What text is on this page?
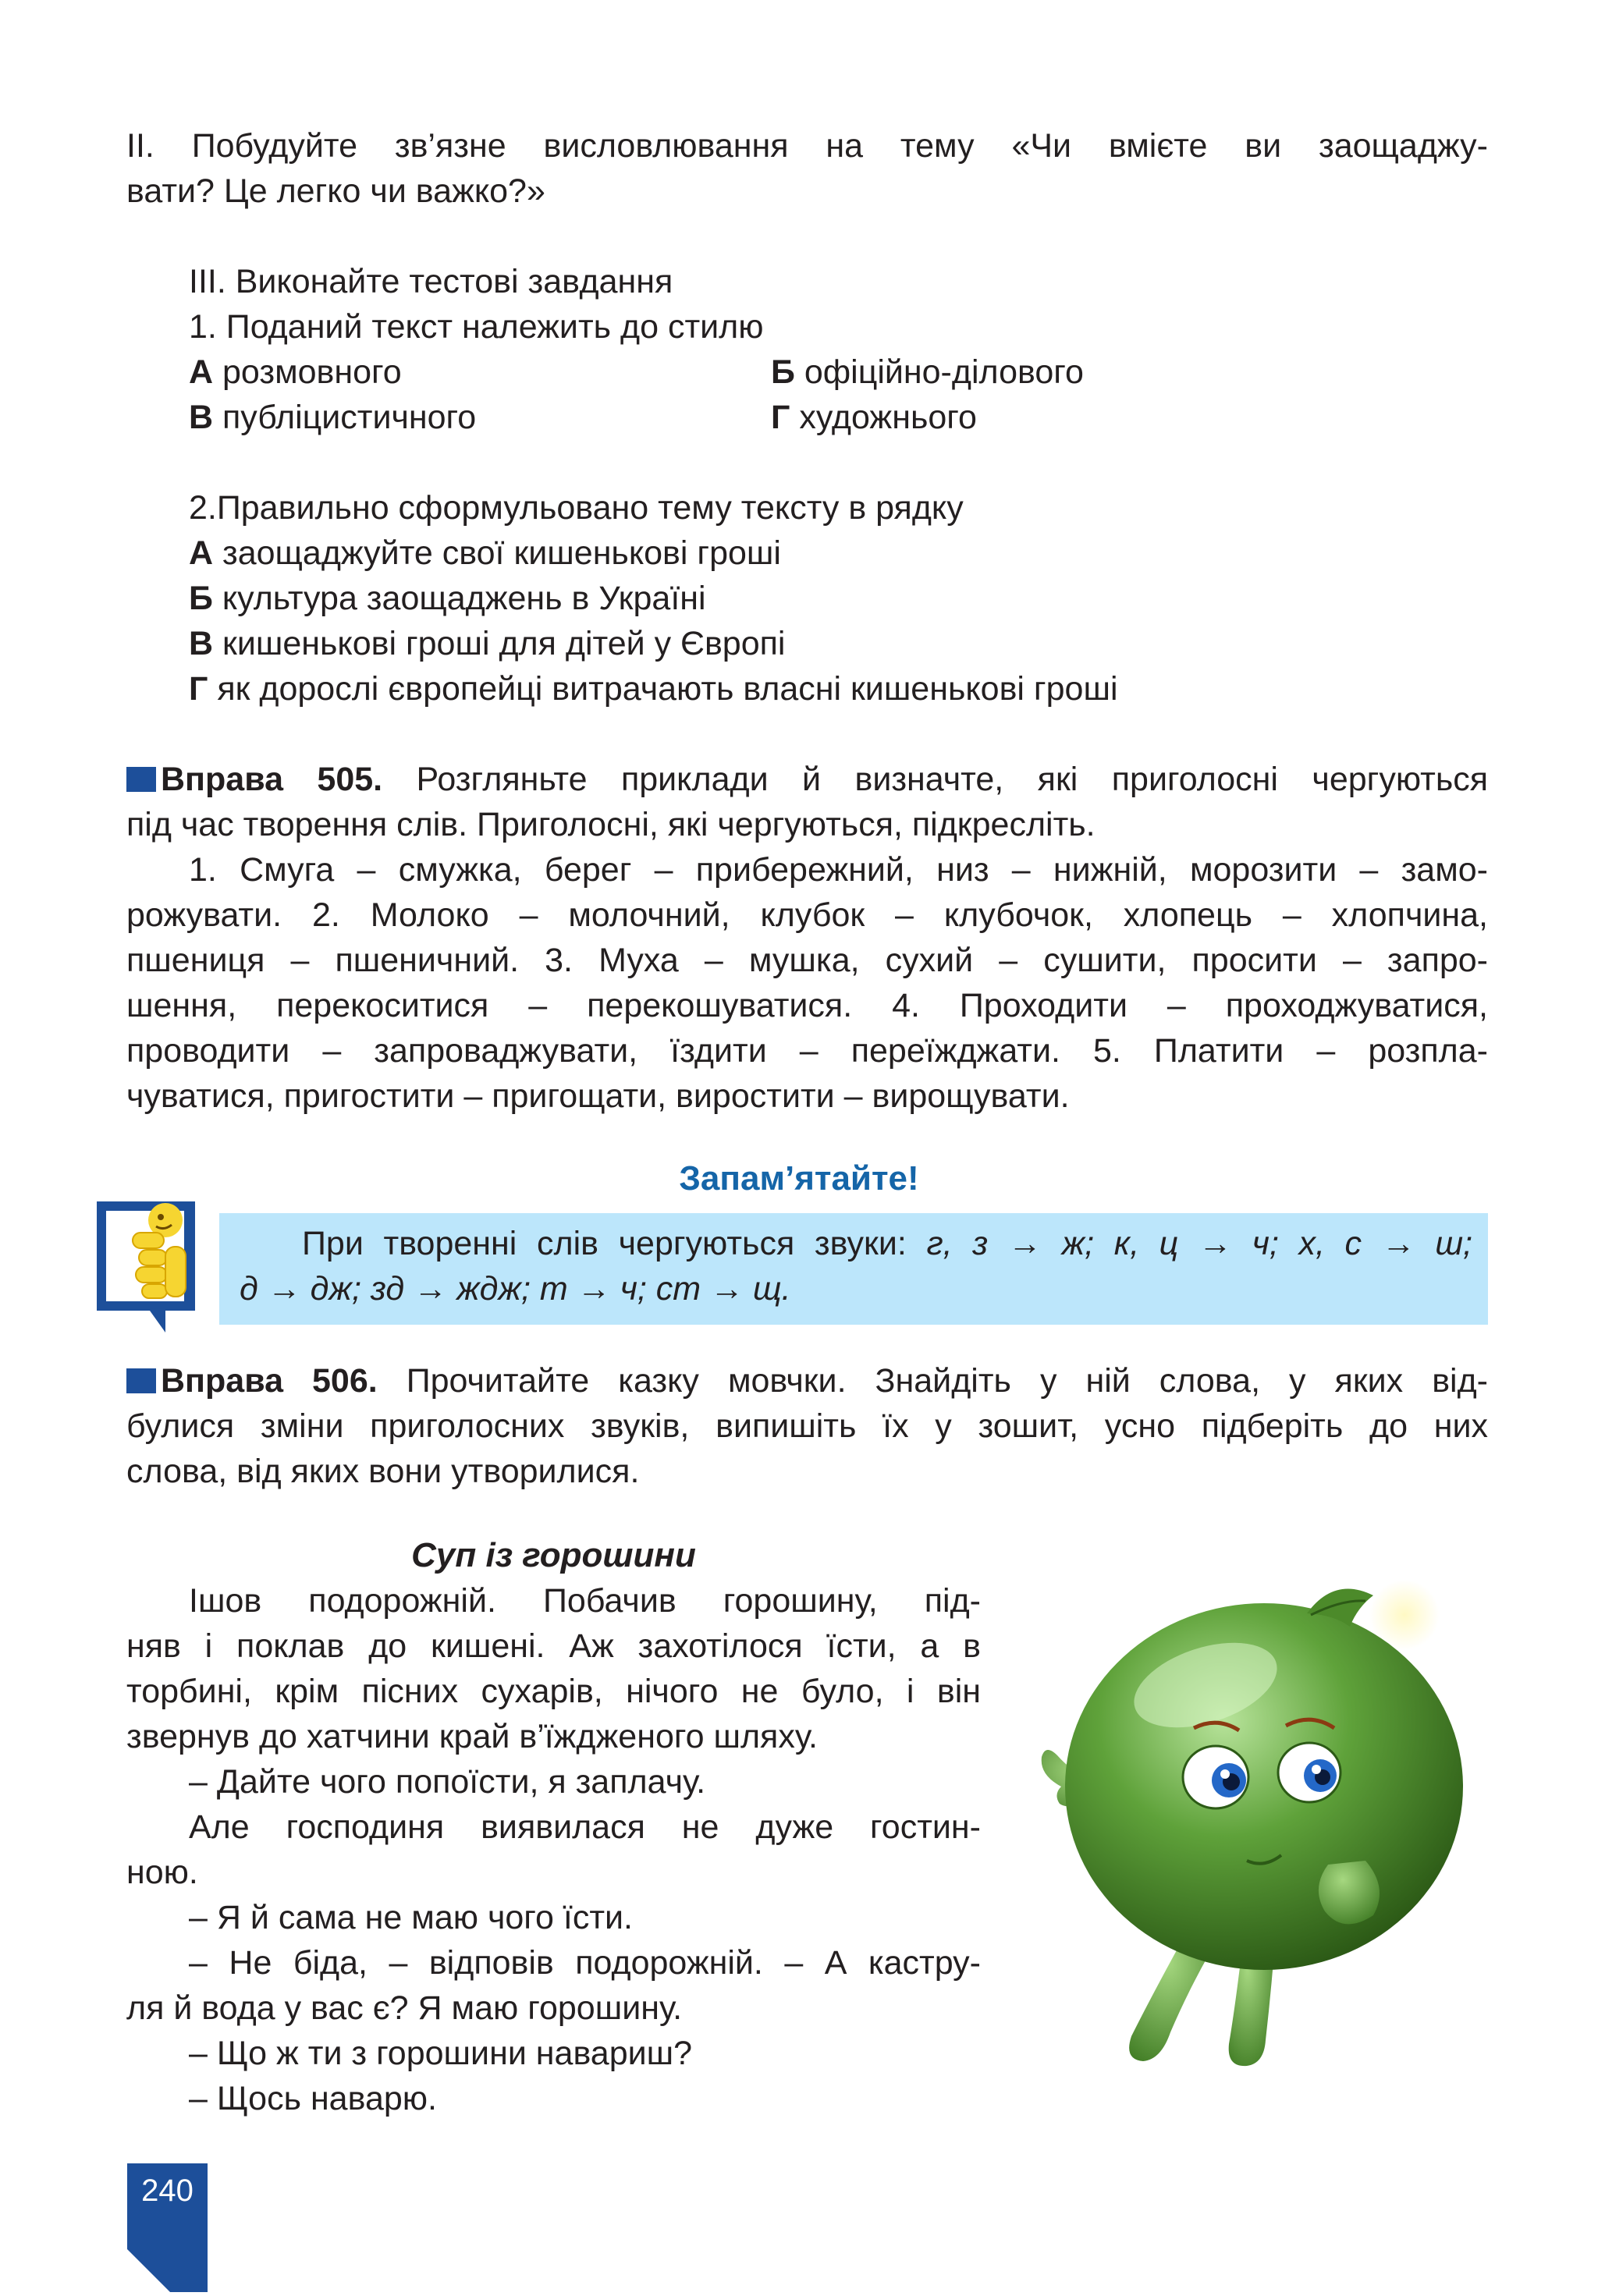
II. Побудуйте зв’язне висловлювання на тему «Чи вмієте ви заощаджу-
вати? Це легко чи важко?»
III. Виконайте тестові завдання
1. Поданий текст належить до стилю
А розмовного	Б офіційно-ділового
В публіцистичного	Г художнього
2.Правильно сформульовано тему тексту в рядку
А заощаджуйте свої кишенькові гроші
Б культура заощаджень в Україні
В кишенькові гроші для дітей у Європі
Г як дорослі європейці витрачають власні кишенькові гроші
Вправа 505. Розгляньте приклади й визначте, які приголосні чергуються
під час творення слів. Приголосні, які чергуються, підкресліть.
1. Смуга – смужка, берег – прибережний, низ – нижній, морозити – замо-
рожувати. 2. Молоко – молочний, клубок – клубочок, хлопець – хлопчина,
пшениця – пшеничний. 3. Муха – мушка, сухий – сушити, просити – запро-
шення, перекоситися – перекошуватися. 4. Проходити – проходжуватися,
проводити – запроваджувати, їздити – переїжджати. 5. Платити – розпла-
чуватися, пригостити – пригощати, виростити – вирощувати.
Запам’ятайте!
При творенні слів чергуються звуки: г, з → ж; к, ц → ч; х, с → ш;
д → дж; зд → ждж; т → ч; ст → щ.
Вправа 506. Прочитайте казку мовчки. Знайдіть у ній слова, у яких від-
булися зміни приголосних звуків, випишіть їх у зошит, усно підберіть до них
слова, від яких вони утворилися.
Суп із горошини
Ішов подорожній. Побачив горошину, під-
няв і поклав до кишені. Аж захотілося їсти, а в
торбині, крім пісних сухарів, нічого не було, і він
звернув до хатчини край в’їждженого шляху.
– Дайте чого попоїсти, я заплачу.
Але господиня виявилася не дуже гостин-
ною.
– Я й сама не маю чого їсти.
– Не біда, – відповів подорожній. – А кастру-
ля й вода у вас є? Я маю горошину.
– Що ж ти з горошини навариш?
– Щось наварю.
240
